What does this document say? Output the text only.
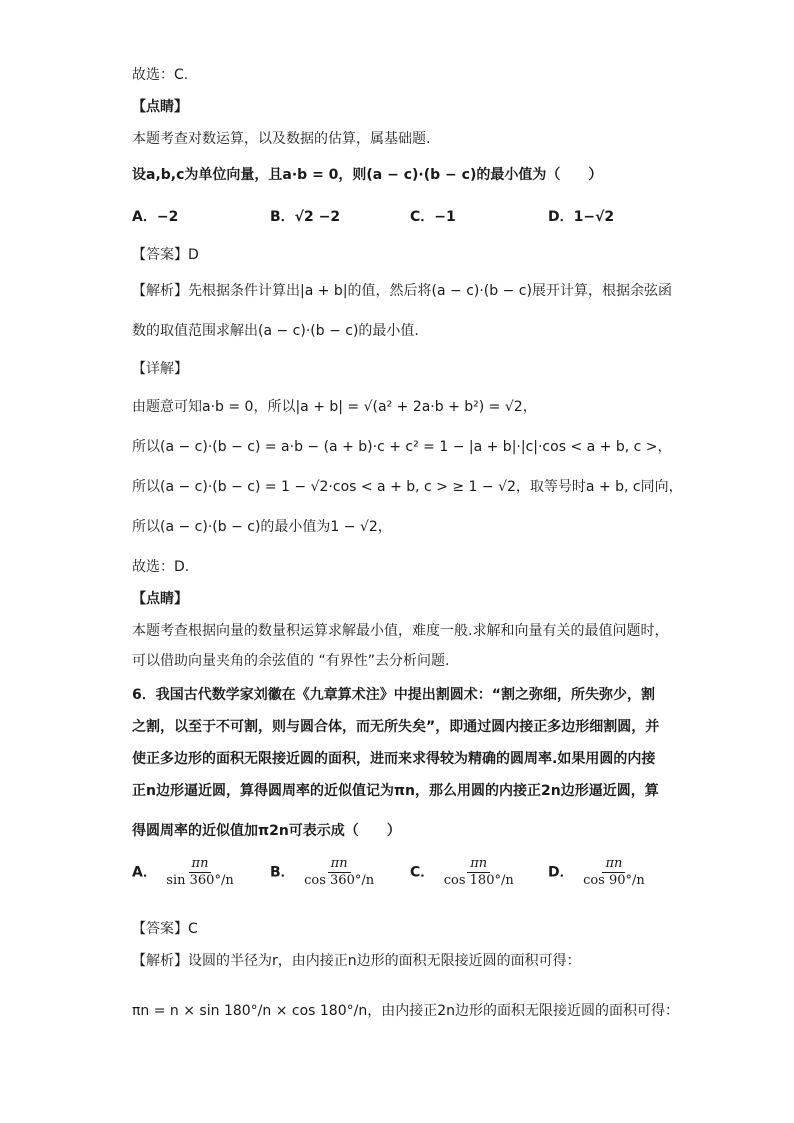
故选：C.
【点睛】
本题考查对数运算，以及数据的估算，属基础题.
设a,b,c为单位向量，且a·b = 0，则(a − c)·(b − c)的最小值为（　　）
A．−2	B．√2 −2	C．−1	D．1−√2
【答案】D
【解析】先根据条件计算出|a + b|的值，然后将(a − c)·(b − c)展开计算，根据余弦函
数的取值范围求解出(a − c)·(b − c)的最小值.
【详解】
由题意可知a·b = 0，所以|a + b| = √(a² + 2a·b + b²) = √2，
所以(a − c)·(b − c) = a·b − (a + b)·c + c² = 1 − |a + b|·|c|·cos < a + b, c >，
所以(a − c)·(b − c) = 1 − √2·cos < a + b, c > ≥ 1 − √2，取等号时a + b, c同向，
所以(a − c)·(b − c)的最小值为1 − √2，
故选：D.
【点睛】
本题考查根据向量的数量积运算求解最小值，难度一般.求解和向量有关的最值问题时，
可以借助向量夹角的余弦值的 “有界性”去分析问题.
6．我国古代数学家刘徽在《九章算术注》中提出割圆术：“割之弥细，所失弥少，割
之割，以至于不可割，则与圆合体，而无所失矣”，即通过圆内接正多边形细割圆，并
使正多边形的面积无限接近圆的面积，进而来求得较为精确的圆周率.如果用圆的内接
正n边形逼近圆，算得圆周率的近似值记为πn，那么用圆的内接正2n边形逼近圆，算
得圆周率的近似值加π2n可表示成（　　）
A． $\frac{\pi n}{\sin 360^\circ/n}$ B． $\frac{\pi n}{\cos 360^\circ/n}$ C． $\frac{\pi n}{\cos 180^\circ/n}$ D． $\frac{\pi n}{\cos 90^\circ/n}$
【答案】C
【解析】设圆的半径为r，由内接正n边形的面积无限接近圆的面积可得：
πn = n × sin 180°/n × cos 180°/n，由内接正2n边形的面积无限接近圆的面积可得：
